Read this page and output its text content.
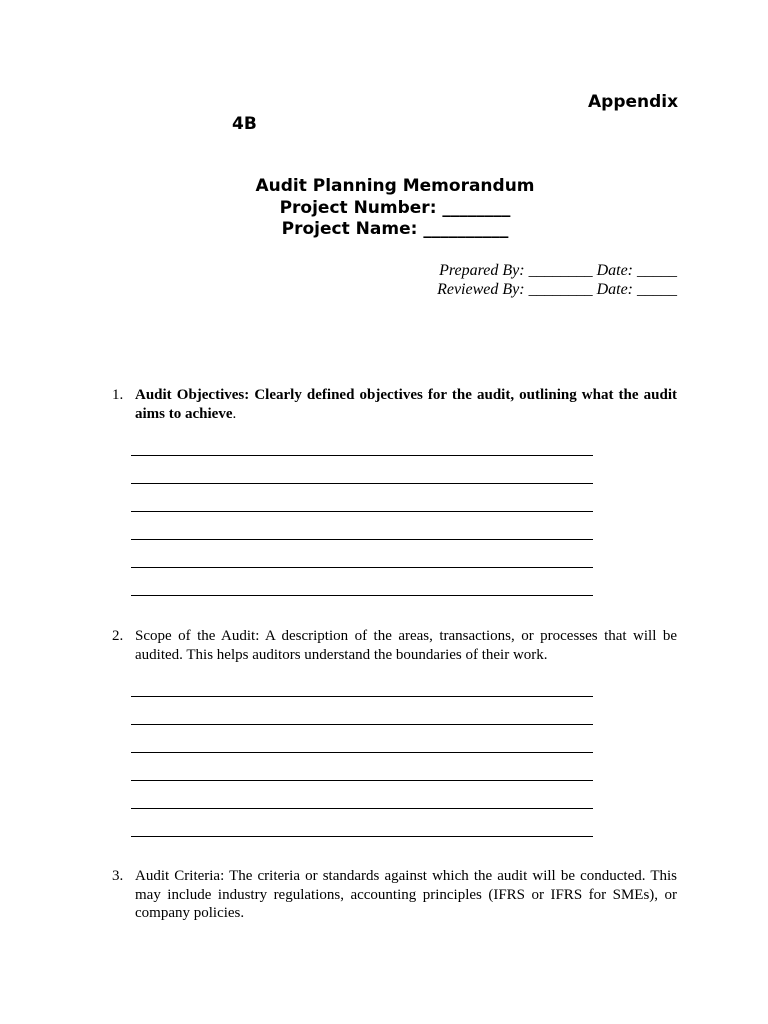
Appendix
4B
Audit Planning Memorandum
Project Number: ________
Project Name: __________
Prepared By: ________ Date: _____
Reviewed By: ________ Date: _____
1. Audit Objectives: Clearly defined objectives for the audit, outlining what the audit aims to achieve.
2. Scope of the Audit: A description of the areas, transactions, or processes that will be audited. This helps auditors understand the boundaries of their work.
3. Audit Criteria: The criteria or standards against which the audit will be conducted. This may include industry regulations, accounting principles (IFRS or IFRS for SMEs), or company policies.
